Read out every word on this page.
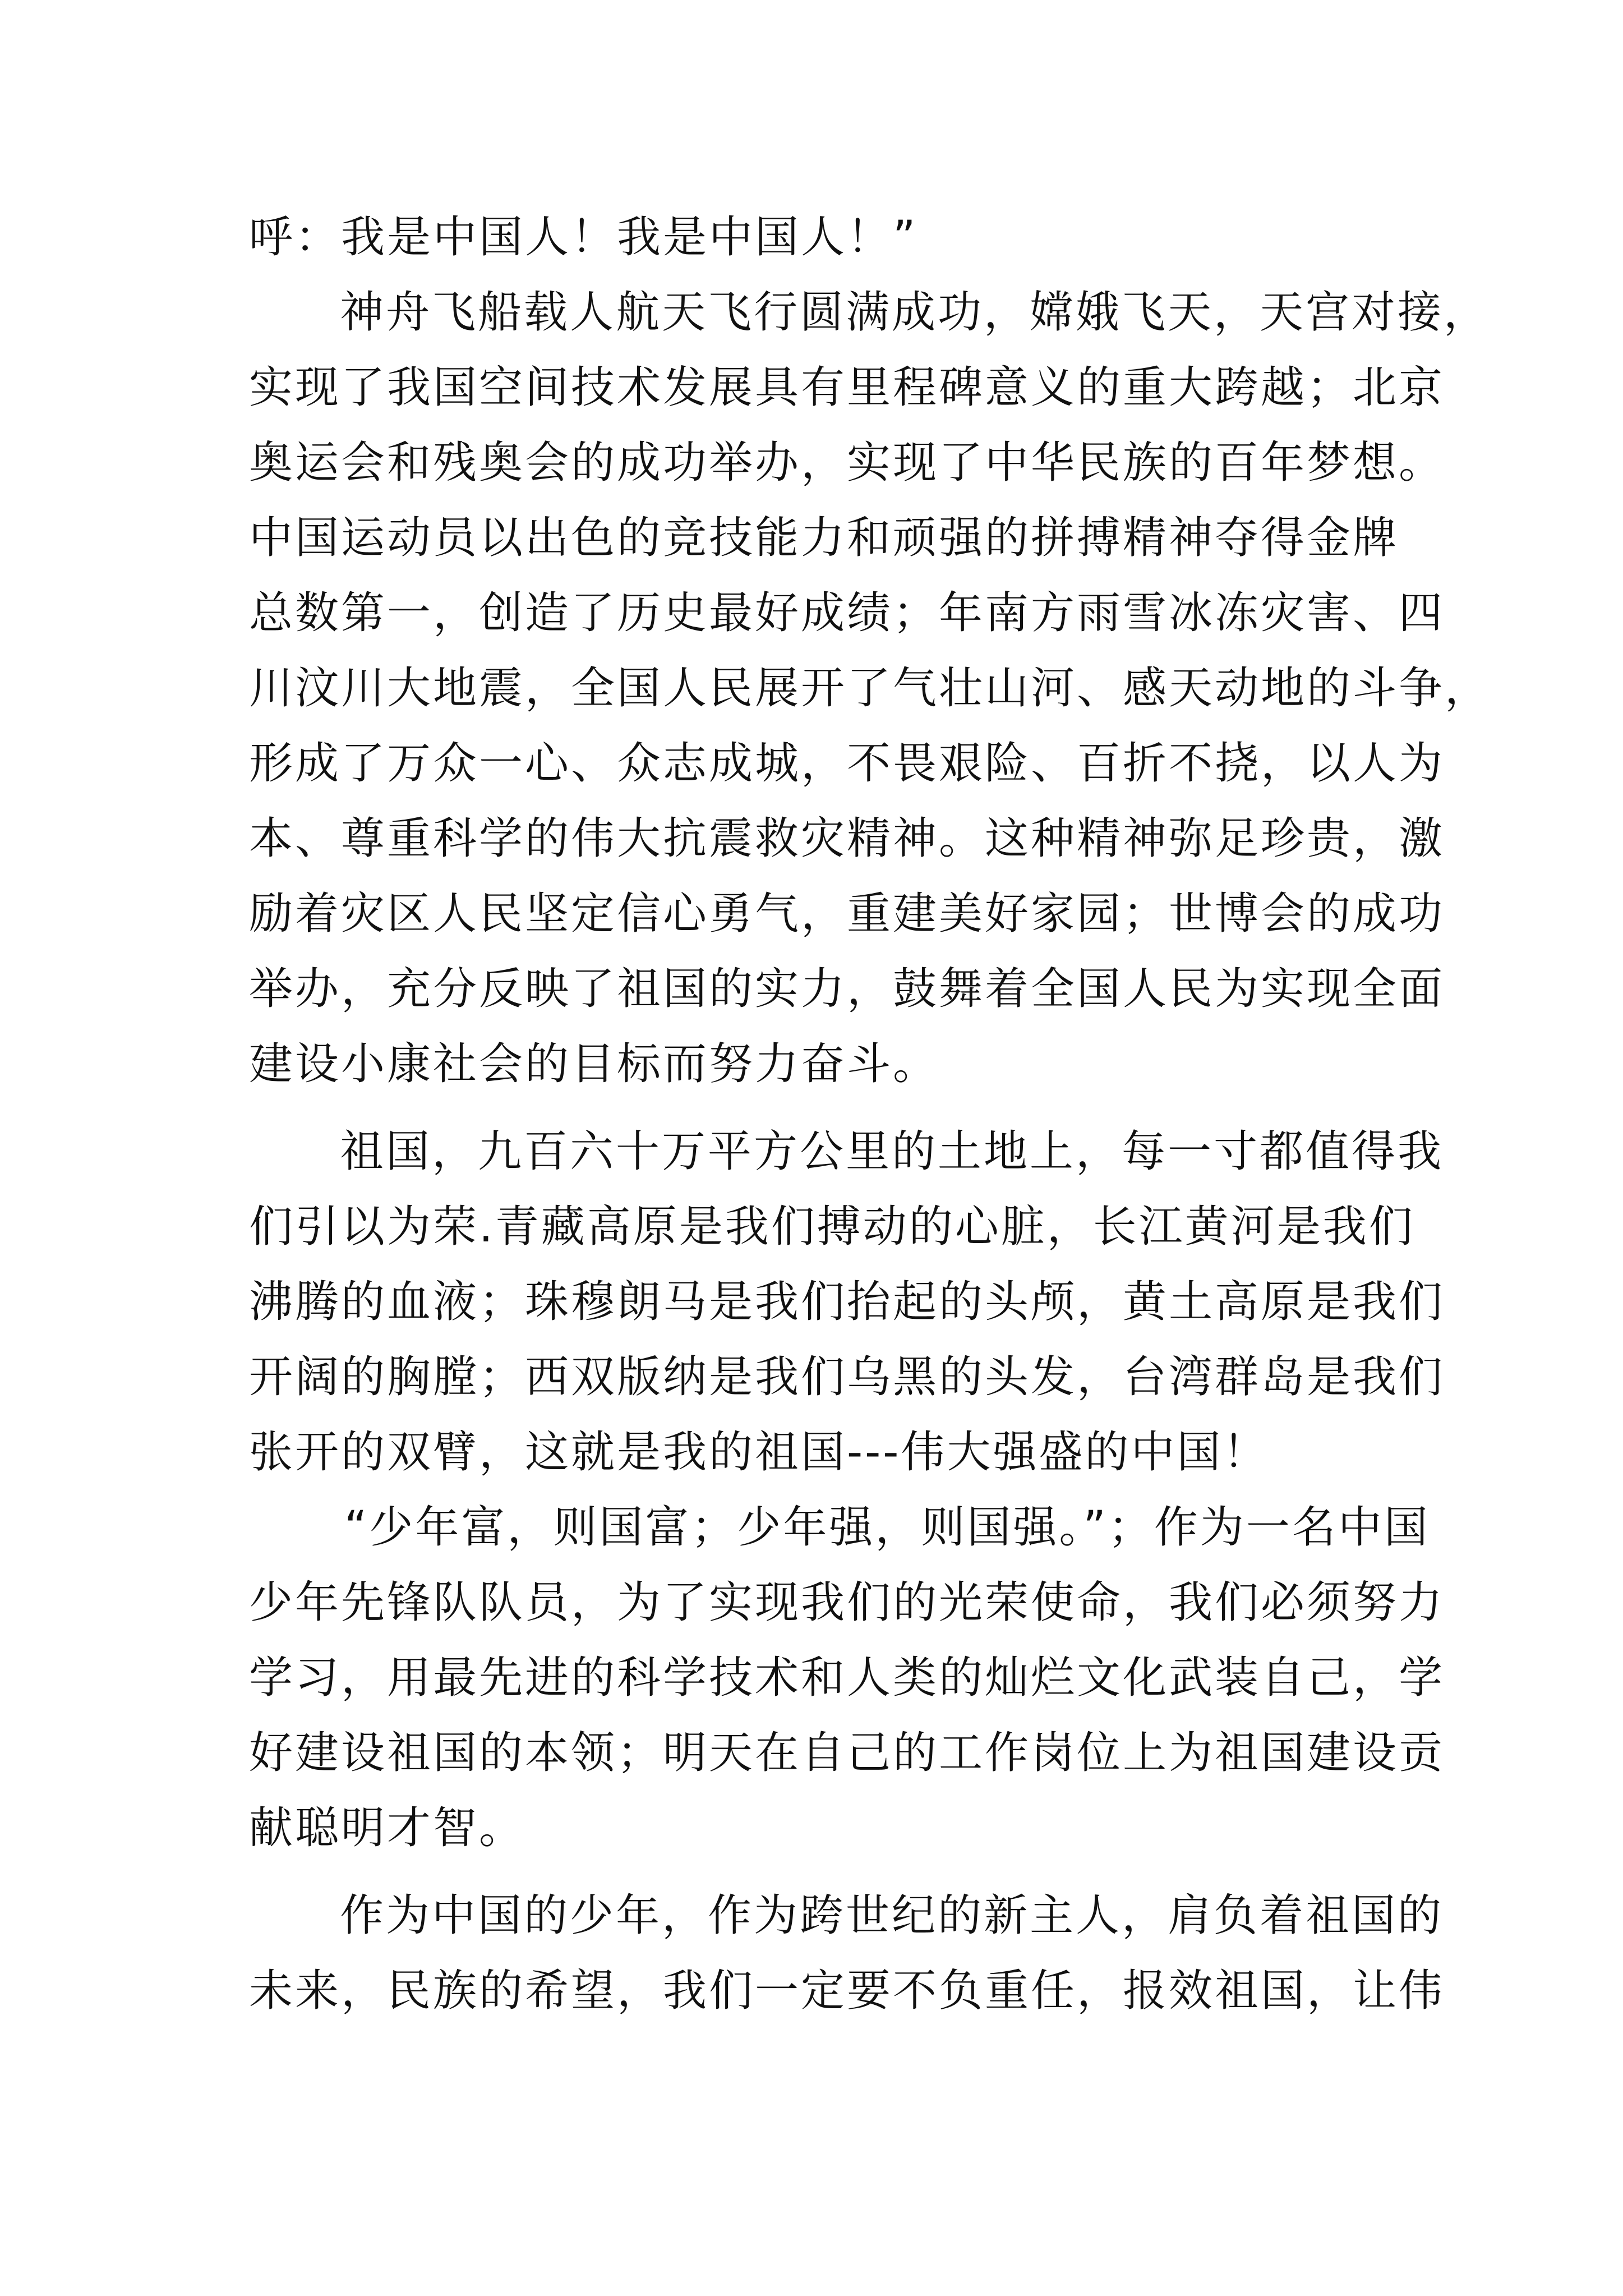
呼：我是中国人！我是中国人！”
神舟飞船载人航天飞行圆满成功，嫦娥飞天，天宫对接，
实现了我国空间技术发展具有里程碑意义的重大跨越；北京
奥运会和残奥会的成功举办，实现了中华民族的百年梦想。
中国运动员以出色的竞技能力和顽强的拼搏精神夺得金牌
总数第一，创造了历史最好成绩；年南方雨雪冰冻灾害、四
川汶川大地震，全国人民展开了气壮山河、感天动地的斗争，
形成了万众一心、众志成城，不畏艰险、百折不挠，以人为
本、尊重科学的伟大抗震救灾精神。这种精神弥足珍贵，激
励着灾区人民坚定信心勇气，重建美好家园；世博会的成功
举办，充分反映了祖国的实力，鼓舞着全国人民为实现全面
建设小康社会的目标而努力奋斗。
祖国，九百六十万平方公里的土地上，每一寸都值得我
们引以为荣.青藏高原是我们搏动的心脏，长江黄河是我们
沸腾的血液；珠穆朗马是我们抬起的头颅，黄土高原是我们
开阔的胸膛；西双版纳是我们乌黑的头发，台湾群岛是我们
张开的双臂，这就是我的祖国---伟大强盛的中国！
“少年富，则国富；少年强，则国强。”；作为一名中国
少年先锋队队员，为了实现我们的光荣使命，我们必须努力
学习，用最先进的科学技术和人类的灿烂文化武装自己，学
好建设祖国的本领；明天在自己的工作岗位上为祖国建设贡
献聪明才智。
作为中国的少年，作为跨世纪的新主人，肩负着祖国的
未来，民族的希望，我们一定要不负重任，报效祖国，让伟
